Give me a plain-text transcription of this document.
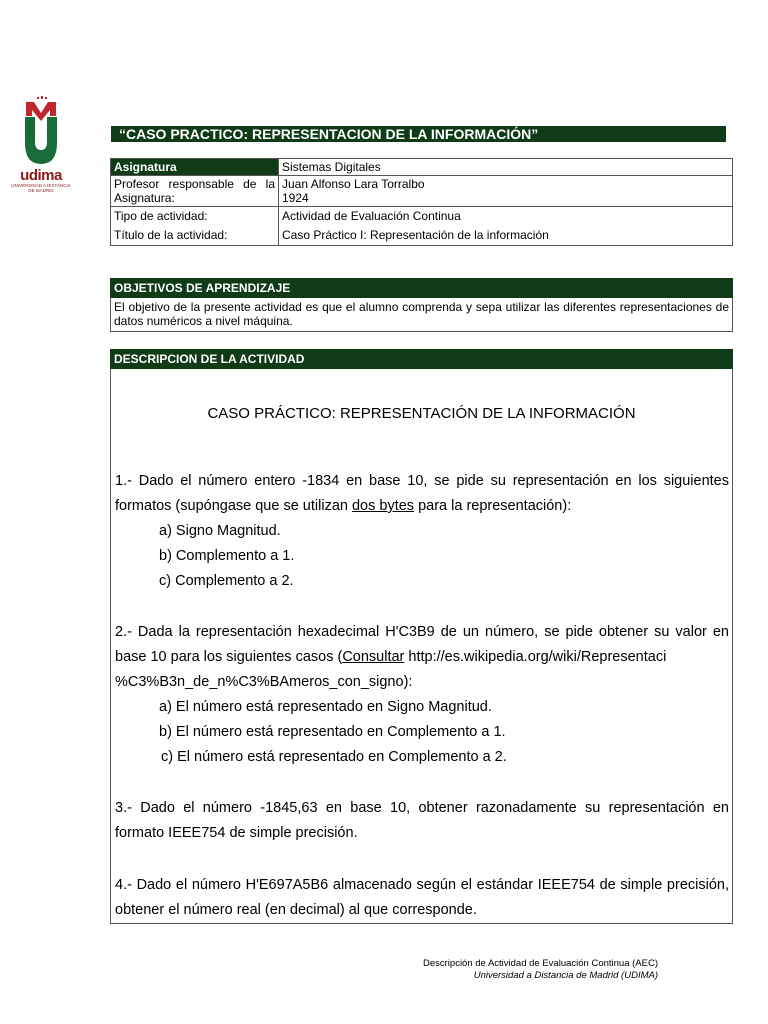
udima
UNIVERSIDAD A DISTANCIA
DE MADRID
“CASO PRACTICO: REPRESENTACION DE LA INFORMACIÓN”
Asignatura	Sistemas Digitales
Profesor responsable de la Asignatura:	Juan Alfonso Lara Torralbo
1924

Tipo de actividad:	Actividad de Evaluación Continua
Título de la actividad:	Caso Práctico I: Representación de la información
OBJETIVOS DE APRENDIZAJE
El objetivo de la presente actividad es que el alumno comprenda y sepa utilizar las diferentes representaciones de datos numéricos a nivel máquina.
DESCRIPCION DE LA ACTIVIDAD
CASO PRÁCTICO: REPRESENTACIÓN DE LA INFORMACIÓN
1.- Dado el número entero -1834 en base 10, se pide su representación en los siguientes formatos (supóngase que se utilizan dos bytes para la representación):
a) Signo Magnitud.
b) Complemento a 1.
c) Complemento a 2.
2.- Dada la representación hexadecimal H'C3B9 de un número, se pide obtener su valor en base 10 para los siguientes casos (Consultar http://es.wikipedia.org/wiki/Representaci
%C3%B3n_de_n%C3%BAmeros_con_signo):
a) El número está representado en Signo Magnitud.
b) El número está representado en Complemento a 1.
c) El número está representado en Complemento a 2.
3.- Dado el número -1845,63 en base 10, obtener razonadamente su representación en formato IEEE754 de simple precisión.
4.- Dado el número H'E697A5B6 almacenado según el estándar IEEE754 de simple precisión, obtener el número real (en decimal) al que corresponde.
Descripción de Actividad de Evaluación Continua (AEC)
Universidad a Distancia de Madrid (UDIMA)
